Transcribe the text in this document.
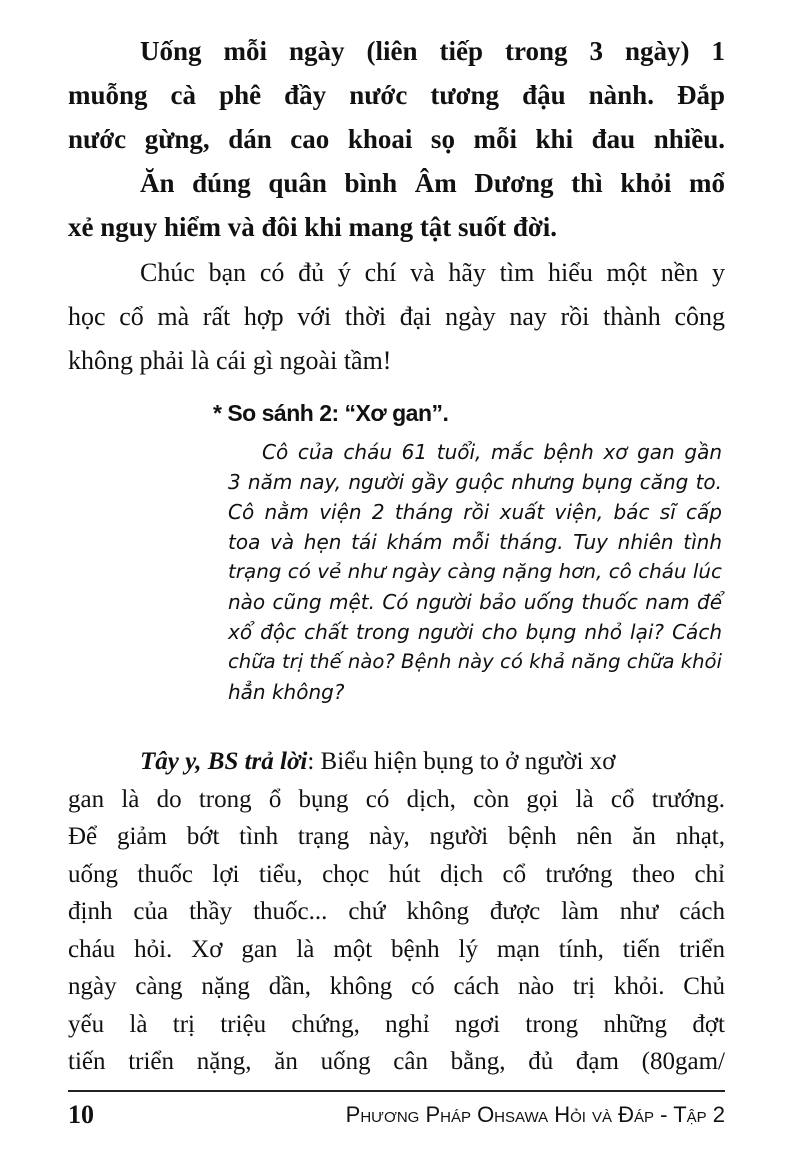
Uống mỗi ngày (liên tiếp trong 3 ngày) 1
muỗng cà phê đầy nước tương đậu nành. Đắp
nước gừng, dán cao khoai sọ mỗi khi đau nhiều.
Ăn đúng quân bình Âm Dương thì khỏi mổ
xẻ nguy hiểm và đôi khi mang tật suốt đời.
Chúc bạn có đủ ý chí và hãy tìm hiểu một nền y
học cổ mà rất hợp với thời đại ngày nay rồi thành công
không phải là cái gì ngoài tầm!
* So sánh 2: “Xơ gan”.
Cô của cháu 61 tuổi, mắc bệnh xơ gan gần
3 năm nay, người gầy guộc nhưng bụng căng to.
Cô nằm viện 2 tháng rồi xuất viện, bác sĩ cấp
toa và hẹn tái khám mỗi tháng. Tuy nhiên tình
trạng có vẻ như ngày càng nặng hơn, cô cháu lúc
nào cũng mệt. Có người bảo uống thuốc nam để
xổ độc chất trong người cho bụng nhỏ lại? Cách
chữa trị thế nào? Bệnh này có khả năng chữa khỏi
hẳn không?
Tây y, BS trả lời: Biểu hiện bụng to ở người xơ
gan là do trong ổ bụng có dịch, còn gọi là cổ trướng.
Để giảm bớt tình trạng này, người bệnh nên ăn nhạt,
uống thuốc lợi tiểu, chọc hút dịch cổ trướng theo chỉ
định của thầy thuốc... chứ không được làm như cách
cháu hỏi. Xơ gan là một bệnh lý mạn tính, tiến triển
ngày càng nặng dần, không có cách nào trị khỏi. Chủ
yếu là trị triệu chứng, nghỉ ngơi trong những đợt
tiến triển nặng, ăn uống cân bằng, đủ đạm (80gam/
10	Phương Pháp Ohsawa Hỏi và Đáp - Tập 2
